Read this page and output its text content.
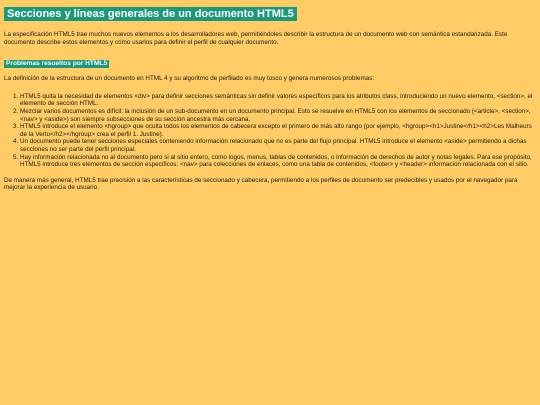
Secciones y líneas generales de un documento HTML5

La especificación HTML5 trae muchos nuevos elementos a los desarrolladores web, permitiéndoles describir la estructura de un documento web con semántica estandarizada. Este documento describe estos elementos y cómo usarlos para definir el perfil de cualquier documento.

Problemas resueltos por HTML5

La definición de la estructura de un documento en HTML 4 y su algoritmo de perfilado es muy tosco y genera numerosos problemas:

1. HTML5 quita la necesidad de elementos <div> para definir secciones semánticas sin definir valores específicos para los atributos class, introduciendo un nuevo elemento, <section>, el elemento de sección HTML.
2. Mezclar varios documentos es difícil: la inclusión de un sub-documento en un documento principal. Esto se resuelve en HTML5 con los elementos de seccionado (<article>, <section>, <nav> y <aside>) son siempre subsecciones de su sección ancestra más cercana.
3. HTML5 introduce el elemento <hgroup> que oculta todos los elementos de cabecera excepto el primero de más alto rango (por ejemplo, <hgroup><h1>Justine</h1><h2>Les Malheurs de la Vertu</h2></hgroup> crea el perfil 1. Justine).
4. Un documento puede tener secciones especiales conteniendo información relacionado que no es parte del flujo principal. HTML5 introduce el elemento <aside> permitiendo a dichas secciones no ser parte del perfil principal.
5. Hay información relacionada no al documento pero si al sitio entero, como logos, menus, tablas de contenidos, o información de derechos de autor y notas legales. Para ese propósito, HTML5 introduce tres elementos de sección específicos: <nav> para colecciones de enlaces, como una tabla de contenidos, <footer> y <header> información relacionada con el sitio.

De manera más general, HTML5 trae precisión a las características de seccionado y cabecera, permitiendo a los perfiles de documento ser predecibles y usados por el navegador para mejorar la experiencia de usuario.
